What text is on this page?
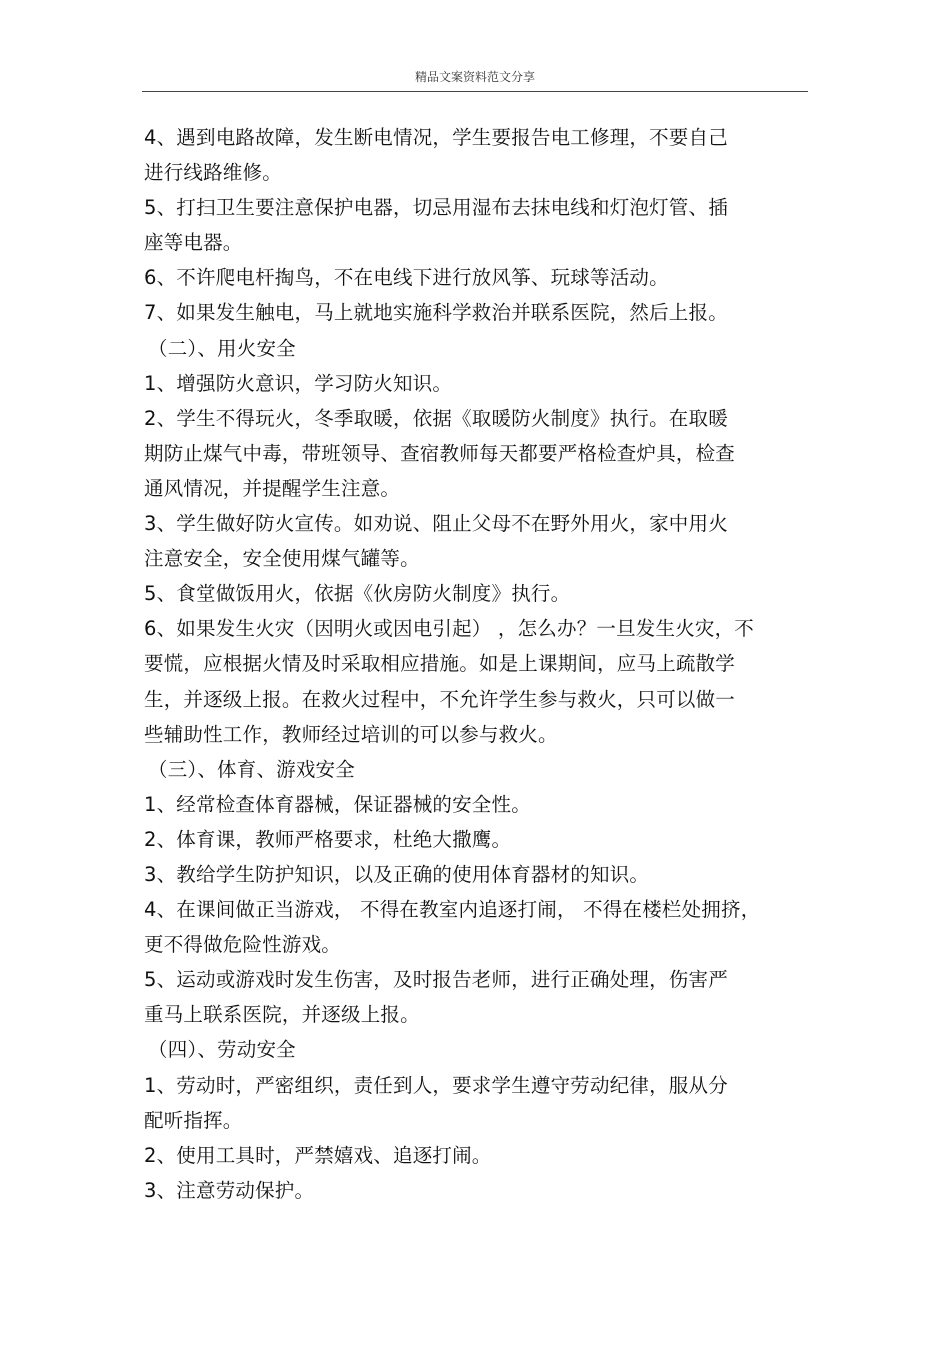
精品文案资料范文分享
4、遇到电路故障，发生断电情况，学生要报告电工修理，不要自己
进行线路维修。
5、打扫卫生要注意保护电器，切忌用湿布去抹电线和灯泡灯管、插
座等电器。
6、不许爬电杆掏鸟，不在电线下进行放风筝、玩球等活动。
7、如果发生触电，马上就地实施科学救治并联系医院，然后上报。
（二）、用火安全
1、增强防火意识，学习防火知识。
2、学生不得玩火，冬季取暖，依据《取暖防火制度》执行。在取暖
期防止煤气中毒，带班领导、查宿教师每天都要严格检查炉具，检查
通风情况，并提醒学生注意。
3、学生做好防火宣传。如劝说、阻止父母不在野外用火，家中用火
注意安全，安全使用煤气罐等。
5、食堂做饭用火，依据《伙房防火制度》执行。
6、如果发生火灾（因明火或因电引起） ，怎么办？一旦发生火灾，不
要慌，应根据火情及时采取相应措施。如是上课期间，应马上疏散学
生，并逐级上报。在救火过程中，不允许学生参与救火，只可以做一
些辅助性工作，教师经过培训的可以参与救火。
（三）、体育、游戏安全
1、经常检查体育器械，保证器械的安全性。
2、体育课，教师严格要求，杜绝大撒鹰。
3、教给学生防护知识，以及正确的使用体育器材的知识。
4、在课间做正当游戏， 不得在教室内追逐打闹， 不得在楼栏处拥挤，
更不得做危险性游戏。
5、运动或游戏时发生伤害，及时报告老师，进行正确处理，伤害严
重马上联系医院，并逐级上报。
（四）、劳动安全
1、劳动时，严密组织，责任到人，要求学生遵守劳动纪律，服从分
配听指挥。
2、使用工具时，严禁嬉戏、追逐打闹。
3、注意劳动保护。
